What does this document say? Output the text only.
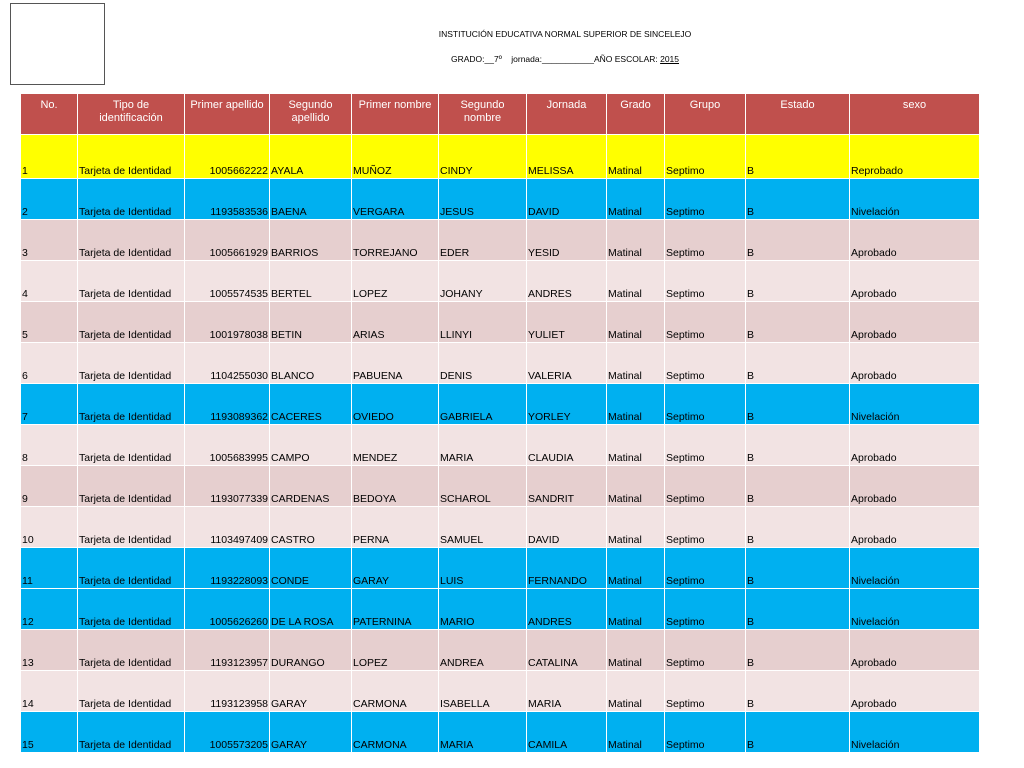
INSTITUCIÓN EDUCATIVA NORMAL SUPERIOR DE SINCELEJO
GRADO:__7º    jornada:___________AÑO ESCOLAR: 2015
No.	Tipo de identificación	Primer apellido	Segundo apellido	Primer nombre	Segundo nombre	Jornada	Grado	Grupo	Estado	sexo
1	Tarjeta de Identidad	1005662222	AYALA	MUÑOZ	CINDY	MELISSA	Matinal	Septimo	B	Reprobado
2	Tarjeta de Identidad	1193583536	BAENA	VERGARA	JESUS	DAVID	Matinal	Septimo	B	Nivelación
3	Tarjeta de Identidad	1005661929	BARRIOS	TORREJANO	EDER	YESID	Matinal	Septimo	B	Aprobado
4	Tarjeta de Identidad	1005574535	BERTEL	LOPEZ	JOHANY	ANDRES	Matinal	Septimo	B	Aprobado
5	Tarjeta de Identidad	1001978038	BETIN	ARIAS	LLINYI	YULIET	Matinal	Septimo	B	Aprobado
6	Tarjeta de Identidad	1104255030	BLANCO	PABUENA	DENIS	VALERIA	Matinal	Septimo	B	Aprobado
7	Tarjeta de Identidad	1193089362	CACERES	OVIEDO	GABRIELA	YORLEY	Matinal	Septimo	B	Nivelación
8	Tarjeta de Identidad	1005683995	CAMPO	MENDEZ	MARIA	CLAUDIA	Matinal	Septimo	B	Aprobado
9	Tarjeta de Identidad	1193077339	CARDENAS	BEDOYA	SCHAROL	SANDRIT	Matinal	Septimo	B	Aprobado
10	Tarjeta de Identidad	1103497409	CASTRO	PERNA	SAMUEL	DAVID	Matinal	Septimo	B	Aprobado
11	Tarjeta de Identidad	1193228093	CONDE	GARAY	LUIS	FERNANDO	Matinal	Septimo	B	Nivelación
12	Tarjeta de Identidad	1005626260	DE LA ROSA	PATERNINA	MARIO	ANDRES	Matinal	Septimo	B	Nivelación
13	Tarjeta de Identidad	1193123957	DURANGO	LOPEZ	ANDREA	CATALINA	Matinal	Septimo	B	Aprobado
14	Tarjeta de Identidad	1193123958	GARAY	CARMONA	ISABELLA	MARIA	Matinal	Septimo	B	Aprobado
15	Tarjeta de Identidad	1005573205	GARAY	CARMONA	MARIA	CAMILA	Matinal	Septimo	B	Nivelación
